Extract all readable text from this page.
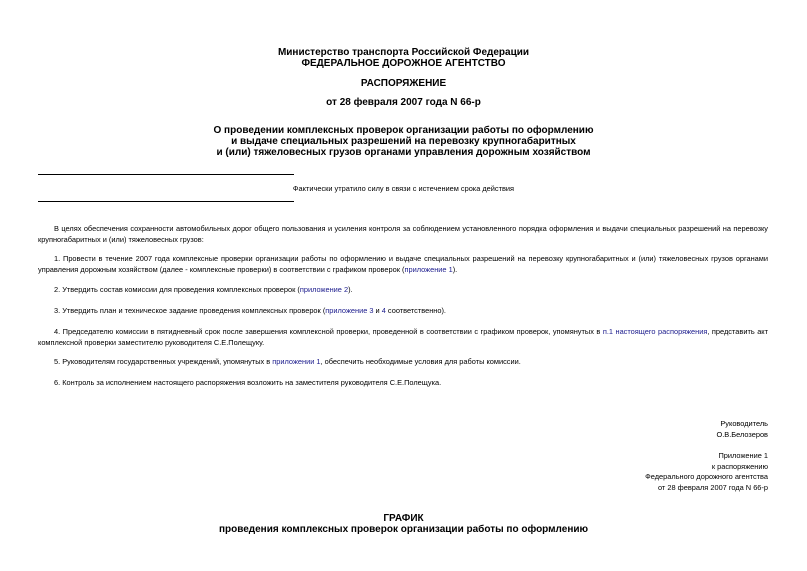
Министерство транспорта Российской Федерации
ФЕДЕРАЛЬНОЕ ДОРОЖНОЕ АГЕНТСТВО
РАСПОРЯЖЕНИЕ
от 28 февраля 2007 года N 66-р
О проведении комплексных проверок организации работы по оформлению
и выдаче специальных разрешений на перевозку крупногабаритных
и (или) тяжеловесных грузов органами управления дорожным хозяйством
Фактически утратило силу в связи с истечением срока действия
В целях обеспечения сохранности автомобильных дорог общего пользования и усиления контроля за соблюдением установленного порядка оформления и выдачи специальных разрешений на перевозку крупногабаритных и (или) тяжеловесных грузов:
1. Провести в течение 2007 года комплексные проверки организации работы по оформлению и выдаче специальных разрешений на перевозку крупногабаритных и (или) тяжеловесных грузов органами управления дорожным хозяйством (далее - комплексные проверки) в соответствии с графиком проверок (приложение 1).
2. Утвердить состав комиссии для проведения комплексных проверок (приложение 2).
3. Утвердить план и техническое задание проведения комплексных проверок (приложение 3 и 4 соответственно).
4. Председателю комиссии в пятидневный срок после завершения комплексной проверки, проведенной в соответствии с графиком проверок, упомянутых в п.1 настоящего распоряжения, представить акт комплексной проверки заместителю руководителя С.Е.Полещуку.
5. Руководителям государственных учреждений, упомянутых в приложении 1, обеспечить необходимые условия для работы комиссии.
6. Контроль за исполнением настоящего распоряжения возложить на заместителя руководителя С.Е.Полещука.
Руководитель
О.В.Белозеров
Приложение 1
к распоряжению
Федерального дорожного агентства
от 28 февраля 2007 года N 66-р
ГРАФИК
проведения комплексных проверок организации работы по оформлению
